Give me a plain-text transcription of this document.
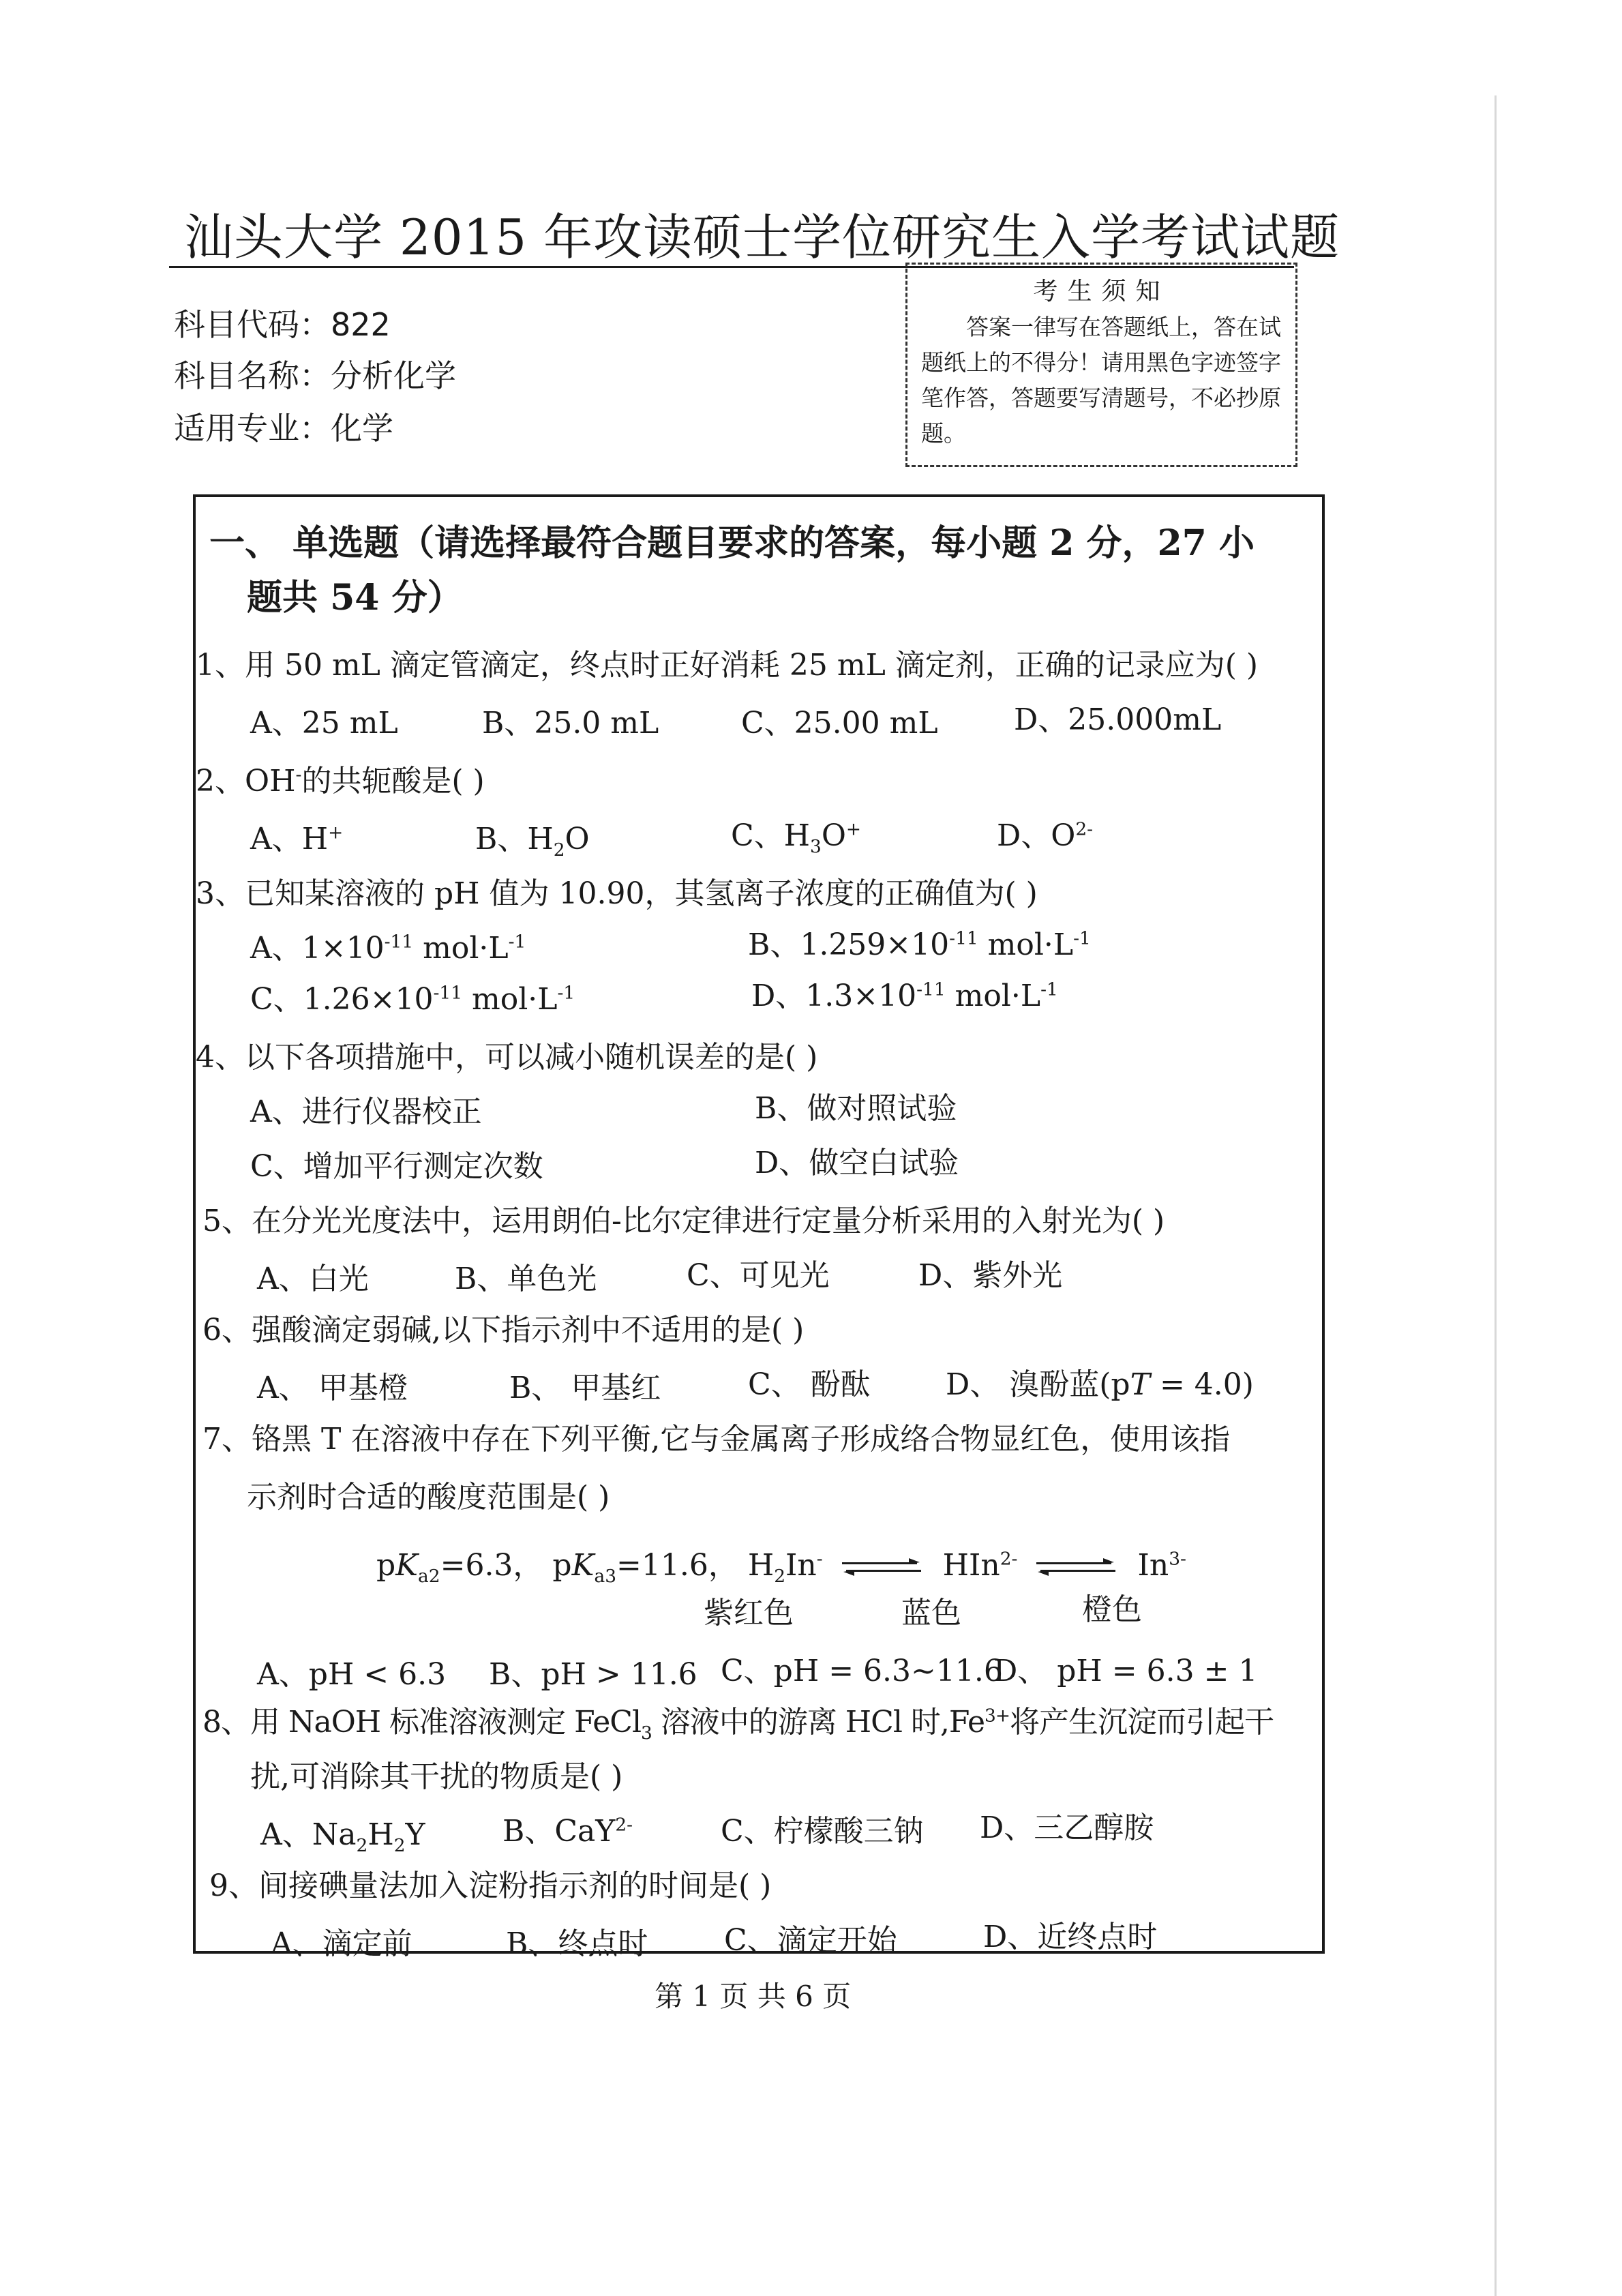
汕头大学 2015 年攻读硕士学位研究生入学考试试题
科目代码：822
科目名称：分析化学
适用专业：化学
考生须知
答案一律写在答题纸上，答在试题纸上的不得分！请用黑色字迹签字笔作答，答题要写清题号，不必抄原题。
一、 单选题（请选择最符合题目要求的答案，每小题 2 分，27 小
题共 54 分）
1、用 50 mL 滴定管滴定，终点时正好消耗 25 mL 滴定剂，正确的记录应为( )
A、25 mL	B、25.0 mL	C、25.00 mL	D、25.000mL
2、OH-的共轭酸是( )
A、H+	B、$H_2O$	C、$H_3O^+$	D、$O^{2-}$
3、已知某溶液的 pH 值为 10.90，其氢离子浓度的正确值为( )
A、$1\times 10^{-11}$ $mol\cdot L^{-1}$	B、$1.259\times 10^{-11}$ $mol\cdot L^{-1}$
C、$1.26\times 10^{-11}$ $mol\cdot L^{-1}$	D、$1.3\times 10^{-11}$ $mol\cdot L^{-1}$
4、以下各项措施中，可以减小随机误差的是( )
A、进行仪器校正	B、做对照试验
C、增加平行测定次数	D、做空白试验
5、在分光光度法中，运用朗伯-比尔定律进行定量分析采用的入射光为( )
A、白光	B、单色光	C、可见光	D、紫外光
6、强酸滴定弱碱,以下指示剂中不适用的是( )
A、 甲基橙	B、 甲基红	C、 酚酞	D、 溴酚蓝(pT = 4.0)
7、铬黑 T 在溶液中存在下列平衡,它与金属离子形成络合物显红色，使用该指
示剂时合适的酸度范围是( )
$pK_{a2}=6.3$， $pK_{a3}=11.6$， $H_2In^-$ ⇌ HIn$^{2-}$ ⇌ $In^{3-}$
紫红色	蓝色	橙色
A、pH < 6.3 B、pH > 11.6 C、pH = 6.3~11.6
D、 pH = 6.3 ± 1
8、用 NaOH 标准溶液测定 FeCl$_3$ 溶液中的游离 HCl 时$,Fe^{3+}$将产生沉淀而引起干
扰,可消除其干扰的物质是( )
A、$Na_2H_2Y$	B、CaY$^{2-}$	C、柠檬酸三钠 D、三乙醇胺
9、间接碘量法加入淀粉指示剂的时间是( )
A、滴定前	B、终点时	C、滴定开始	D、近终点时
第 1 页 共 6 页
